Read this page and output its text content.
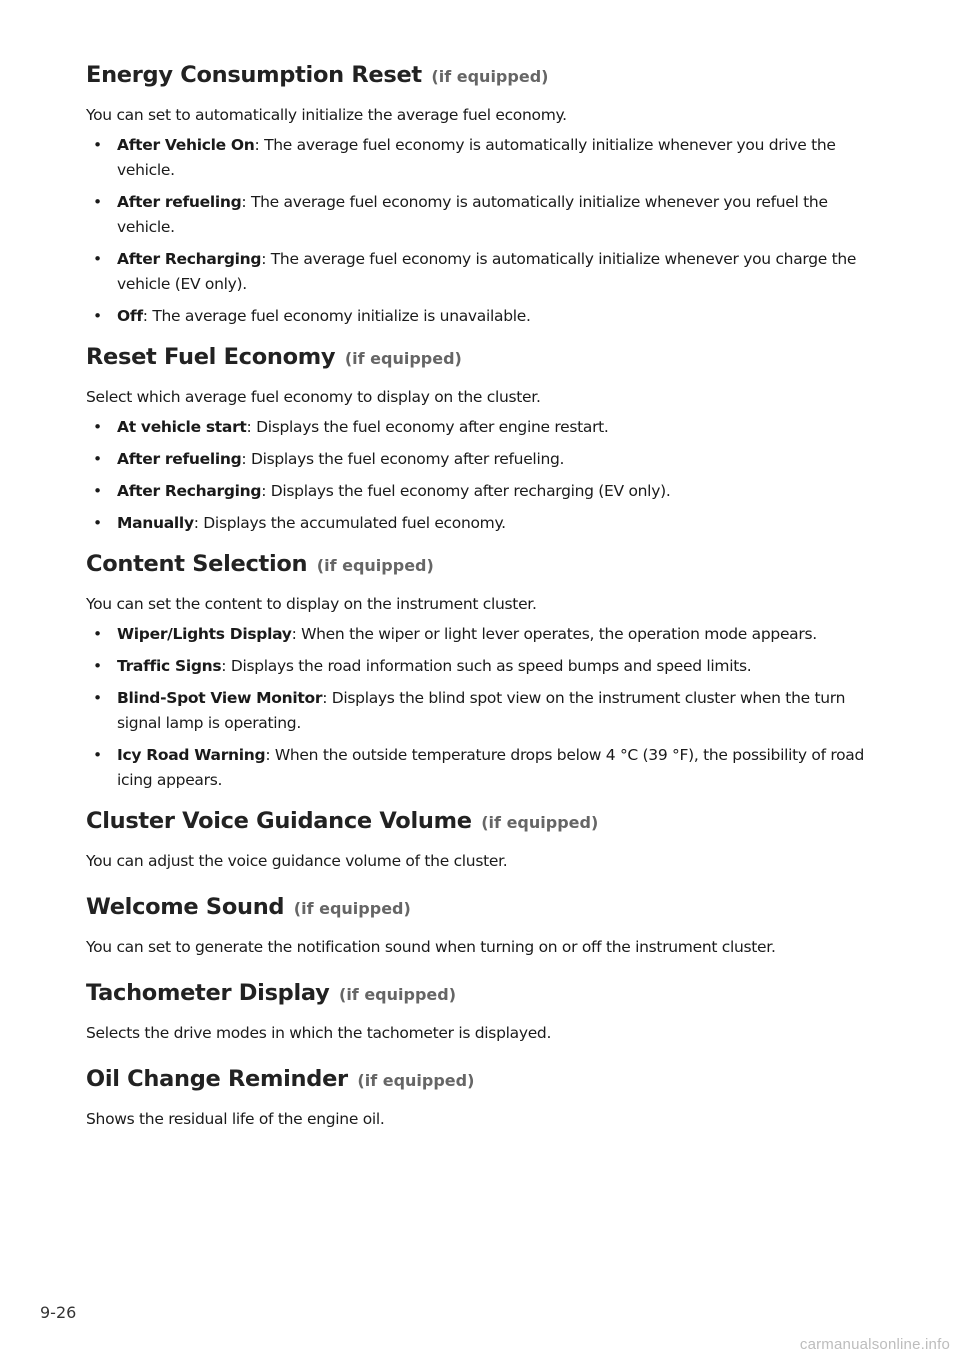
Energy Consumption Reset (if equipped)

You can set to automatically initialize the average fuel economy.

• After Vehicle On: The average fuel economy is automatically initialize whenever you drive the vehicle.
• After refueling: The average fuel economy is automatically initialize whenever you refuel the vehicle.
• After Recharging: The average fuel economy is automatically initialize whenever you charge the vehicle (EV only).
• Off: The average fuel economy initialize is unavailable.
Reset Fuel Economy (if equipped)

Select which average fuel economy to display on the cluster.

• At vehicle start: Displays the fuel economy after engine restart.
• After refueling: Displays the fuel economy after refueling.
• After Recharging: Displays the fuel economy after recharging (EV only).
• Manually: Displays the accumulated fuel economy.
Content Selection (if equipped)

You can set the content to display on the instrument cluster.

• Wiper/Lights Display: When the wiper or light lever operates, the operation mode appears.
• Traffic Signs: Displays the road information such as speed bumps and speed limits.
• Blind-Spot View Monitor: Displays the blind spot view on the instrument cluster when the turn signal lamp is operating.
• Icy Road Warning: When the outside temperature drops below 4 °C (39 °F), the possibility of road icing appears.
Cluster Voice Guidance Volume (if equipped)

You can adjust the voice guidance volume of the cluster.

Welcome Sound (if equipped)

You can set to generate the notification sound when turning on or off the instrument cluster.

Tachometer Display (if equipped)

Selects the drive modes in which the tachometer is displayed.

Oil Change Reminder (if equipped)

Shows the residual life of the engine oil.

9-26
carmanualsonline.info
